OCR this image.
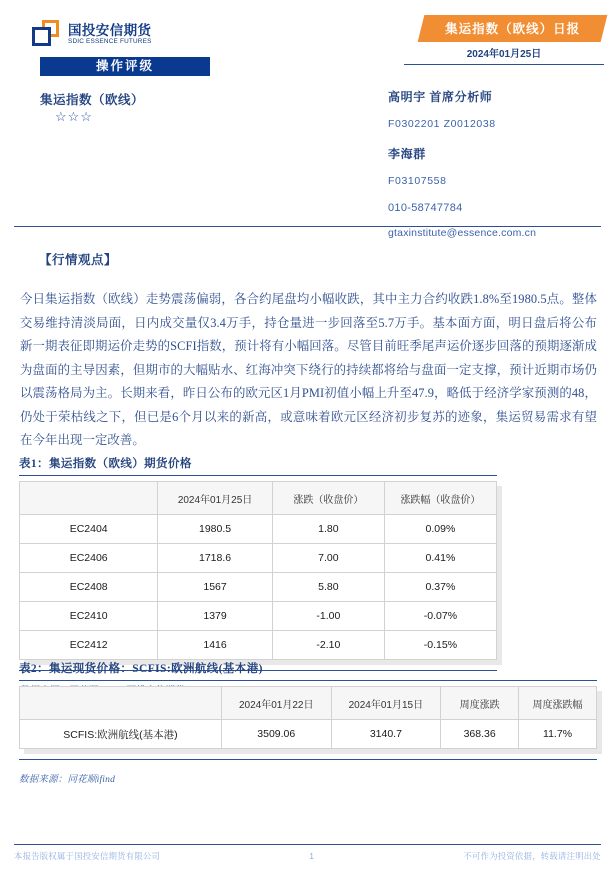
国投安信期货
SDIC ESSENCE FUTURES
操作评级
集运指数（欧线）
☆☆☆
集运指数（欧线）日报
2024年01月25日
高明宇 首席分析师
F0302201 Z0012038
李海群
F03107558
010-58747784
gtaxinstitute@essence.com.cn
【行情观点】
今日集运指数（欧线）走势震荡偏弱，各合约尾盘均小幅收跌，其中主力合约收跌1.8%至1980.5点。整体交易维持清淡局面，日内成交量仅3.4万手，持仓量进一步回落至5.7万手。基本面方面，明日盘后将公布新一期表征即期运价走势的SCFI指数，预计将有小幅回落。尽管目前旺季尾声运价逐步回落的预期逐渐成为盘面的主导因素，但期市的大幅贴水、红海冲突下绕行的持续都将给与盘面一定支撑，预计近期市场仍以震荡格局为主。长期来看，昨日公布的欧元区1月PMI初值小幅上升至47.9，略低于经济学家预测的48，仍处于荣枯线之下，但已是6个月以来的新高，或意味着欧元区经济初步复苏的迹象，集运贸易需求有望在今年出现一定改善。
表1：集运指数（欧线）期货价格
	2024年01月25日	涨跌（收盘价）	涨跌幅（收盘价）
EC2404	1980.5	1.80	0.09%
EC2406	1718.6	7.00	0.41%
EC2408	1567	5.80	0.37%
EC2410	1379	-1.00	-0.07%
EC2412	1416	-2.10	-0.15%
表2：集运现货价格：SCFIS:欧洲航线(基本港)
	2024年01月22日	2024年01月15日	周度涨跌	周度涨跌幅
SCFIS:欧洲航线(基本港)	3509.06	3140.7	368.36	11.7%
数据来源：同花顺ifind
本报告版权属于国投安信期货有限公司	1	不可作为投资依据，转载请注明出处
